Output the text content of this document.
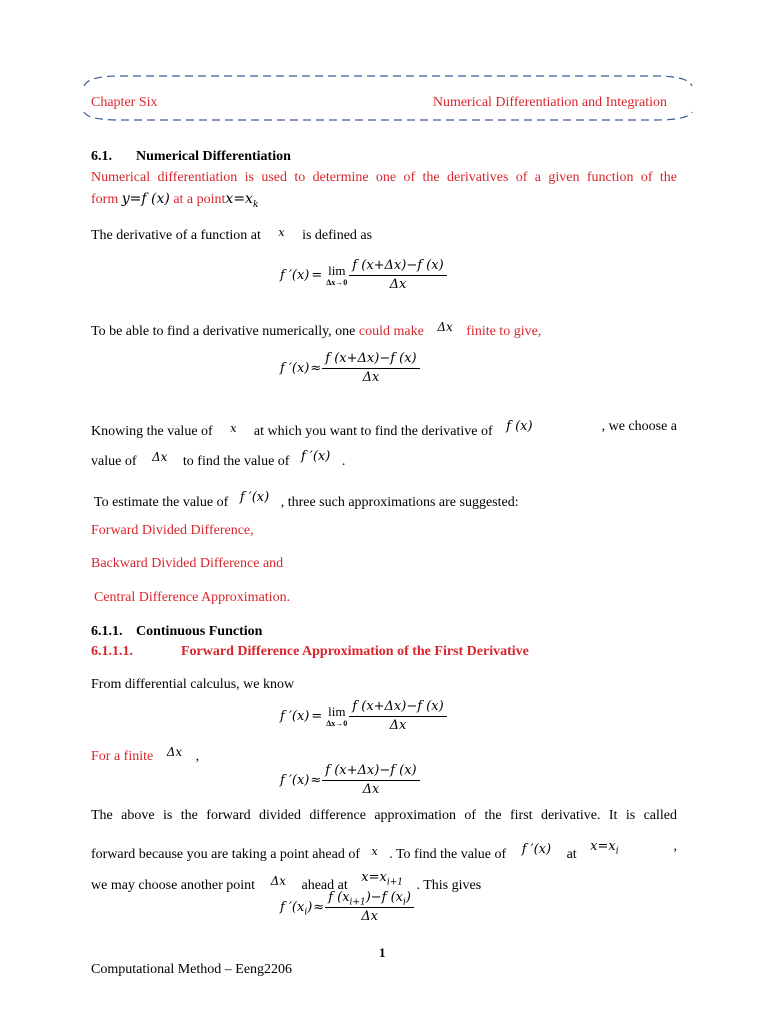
Chapter Six	Numerical Differentiation and Integration
6.1. Numerical Differentiation
Numerical differentiation is used to determine one of the derivatives of a given function of the
form y=f (x) at a $pointx=x_k$
The derivative of a function at $^x$ is defined as
f ′(x) = lim
$\Delta x\to 0 \frac{f (x+\Delta x)-f (x)}{\Delta x}$
To be able to find a derivative numerically, one could make Δx finite to give,
f $'(x) \approx \frac{f (x+\Delta x)-f (x)}{\Delta x}$
Knowing the value of $^x$ at which you want to find the derivative of f (x)	, we choose a
value of Δx to find the value of f ′(x) .
To estimate the value of f ′(x) , three such approximations are suggested:
Forward Divided Difference,
Backward Divided Difference and
Central Difference Approximation.
6.1.1. Continuous Function
6.1.1.1.	Forward Difference Approximation of the First Derivative
From differential calculus, we know
f ′(x) = lim
$\Delta x\to 0 \frac{f (x+\Delta x)-f (x)}{\Delta x}$
For a finite Δx ,
f $'(x) \approx \frac{f (x+\Delta x)-f (x)}{\Delta x}$
The above is the forward divided difference approximation of the first derivative. It is called
forward because you are taking a point ahead of $^x$ . To find the value of f ′(x) at $x=x_i$	,
we may choose another point Δx ahead at $x=x_{i+1}$ . This gives
f $'(x_i) \approx \frac{f (x_{i+1})-f (x_i)}{\Delta x}$
1
Computational Method – Eeng2206
